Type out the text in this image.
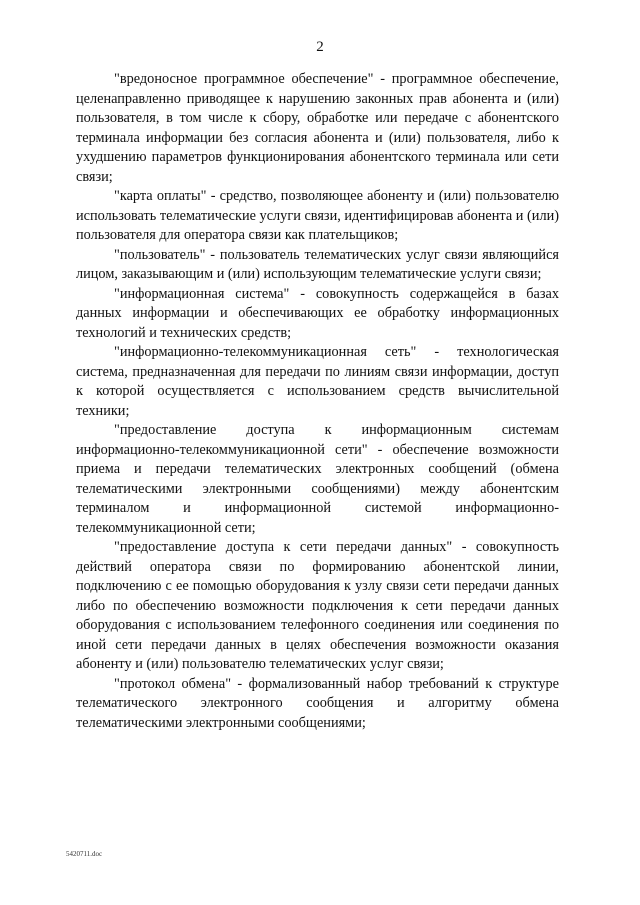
2

"вредоносное программное обеспечение" - программное обеспечение, целенаправленно приводящее к нарушению законных прав абонента и (или) пользователя, в том числе к сбору, обработке или передаче с абонентского терминала информации без согласия абонента и (или) пользователя, либо к ухудшению параметров функционирования абонентского терминала или сети связи;

"карта оплаты" - средство, позволяющее абоненту и (или) пользователю использовать телематические услуги связи, идентифицировав абонента и (или) пользователя для оператора связи как плательщиков;

"пользователь" - пользователь телематических услуг связи являющийся лицом, заказывающим и (или) использующим телематические услуги связи;

"информационная система" - совокупность содержащейся в базах данных информации и обеспечивающих ее обработку информационных технологий и технических средств;

"информационно-телекоммуникационная сеть" - технологическая система, предназначенная для передачи по линиям связи информации, доступ к которой осуществляется с использованием средств вычислительной техники;

"предоставление доступа к информационным системам информационно-телекоммуникационной сети" - обеспечение возможности приема и передачи телематических электронных сообщений (обмена телематическими электронными сообщениями) между абонентским терминалом и информационной системой информационно-телекоммуникационной сети;

"предоставление доступа к сети передачи данных" - совокупность действий оператора связи по формированию абонентской линии, подключению с ее помощью оборудования к узлу связи сети передачи данных либо по обеспечению возможности подключения к сети передачи данных оборудования с использованием телефонного соединения или соединения по иной сети передачи данных в целях обеспечения возможности оказания абоненту и (или) пользователю телематических услуг связи;

"протокол обмена" - формализованный набор требований к структуре телематического электронного сообщения и алгоритму обмена телематическими электронными сообщениями;

5420711.doc
